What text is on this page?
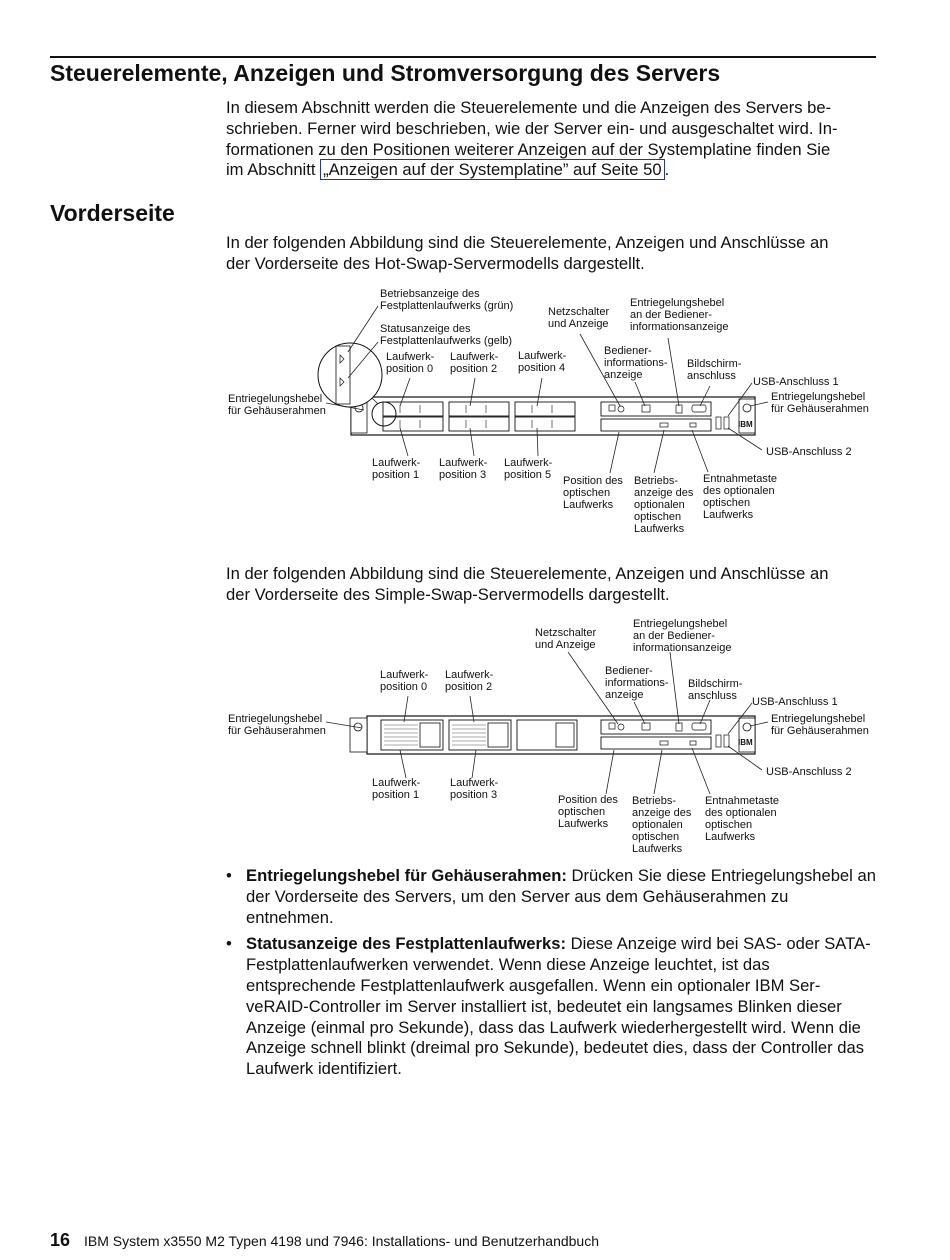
Steuerelemente, Anzeigen und Stromversorgung des Servers
In diesem Abschnitt werden die Steuerelemente und die Anzeigen des Servers be-
schrieben. Ferner wird beschrieben, wie der Server ein- und ausgeschaltet wird. In-
formationen zu den Positionen weiterer Anzeigen auf der Systemplatine finden Sie
im Abschnitt „Anzeigen auf der Systemplatine” auf Seite 50 .
Vorderseite
In der folgenden Abbildung sind die Steuerelemente, Anzeigen und Anschlüsse an
der Vorderseite des Hot-Swap-Servermodells dargestellt.
IBM
Betriebsanzeige des
Festplattenlaufwerks (grün)
Statusanzeige des
Festplattenlaufwerks (gelb)
Laufwerk-
position 0
Laufwerk-
position 2
Laufwerk-
position 4
Netzschalter
und Anzeige
Entriegelungshebel
an der Bediener-
informationsanzeige
Bediener-
informations-
anzeige
Bildschirm-
anschluss USB-Anschluss 1
Entriegelungshebel
für Gehäuserahmen
Entriegelungshebel
für Gehäuserahmen
USB-Anschluss 2
Laufwerk-
position 1
Laufwerk-
position 3
Laufwerk-
position 5 Position des
optischen
Laufwerks
Betriebs-
anzeige des
optionalen
optischen
Laufwerks
Entnahmetaste
des optionalen
optischen
Laufwerks
In der folgenden Abbildung sind die Steuerelemente, Anzeigen und Anschlüsse an
der Vorderseite des Simple-Swap-Servermodells dargestellt.
IBM
Netzschalter
und Anzeige
Entriegelungshebel
an der Bediener-
informationsanzeige
Laufwerk-
position 0
Laufwerk-
position 2
Bediener-
informations-
anzeige
Bildschirm-
anschluss USB-Anschluss 1
Entriegelungshebel
für Gehäuserahmen
Entriegelungshebel
für Gehäuserahmen
USB-Anschluss 2
Laufwerk-
position 1
Laufwerk-
position 3	Position des
optischen
Laufwerks
Betriebs-
anzeige des
optionalen
optischen
Laufwerks
Entnahmetaste
des optionalen
optischen
Laufwerks
• Entriegelungshebel für Gehäuserahmen: Drücken Sie diese Entriegelungshebel an der Vorderseite des Servers, um den Server aus dem Gehäuserahmen zu entnehmen.
• Statusanzeige des Festplattenlaufwerks: Diese Anzeige wird bei SAS- oder SATA-Festplattenlaufwerken verwendet. Wenn diese Anzeige leuchtet, ist das entsprechende Festplattenlaufwerk ausgefallen. Wenn ein optionaler IBM ServeRAID-Controller im Server installiert ist, bedeutet ein langsames Blinken dieser Anzeige (einmal pro Sekunde), dass das Laufwerk wiederhergestellt wird. Wenn die Anzeige schnell blinkt (dreimal pro Sekunde), bedeutet dies, dass der Controller das Laufwerk identifiziert.
16 IBM System x3550 M2 Typen 4198 und 7946: Installations- und Benutzerhandbuch
